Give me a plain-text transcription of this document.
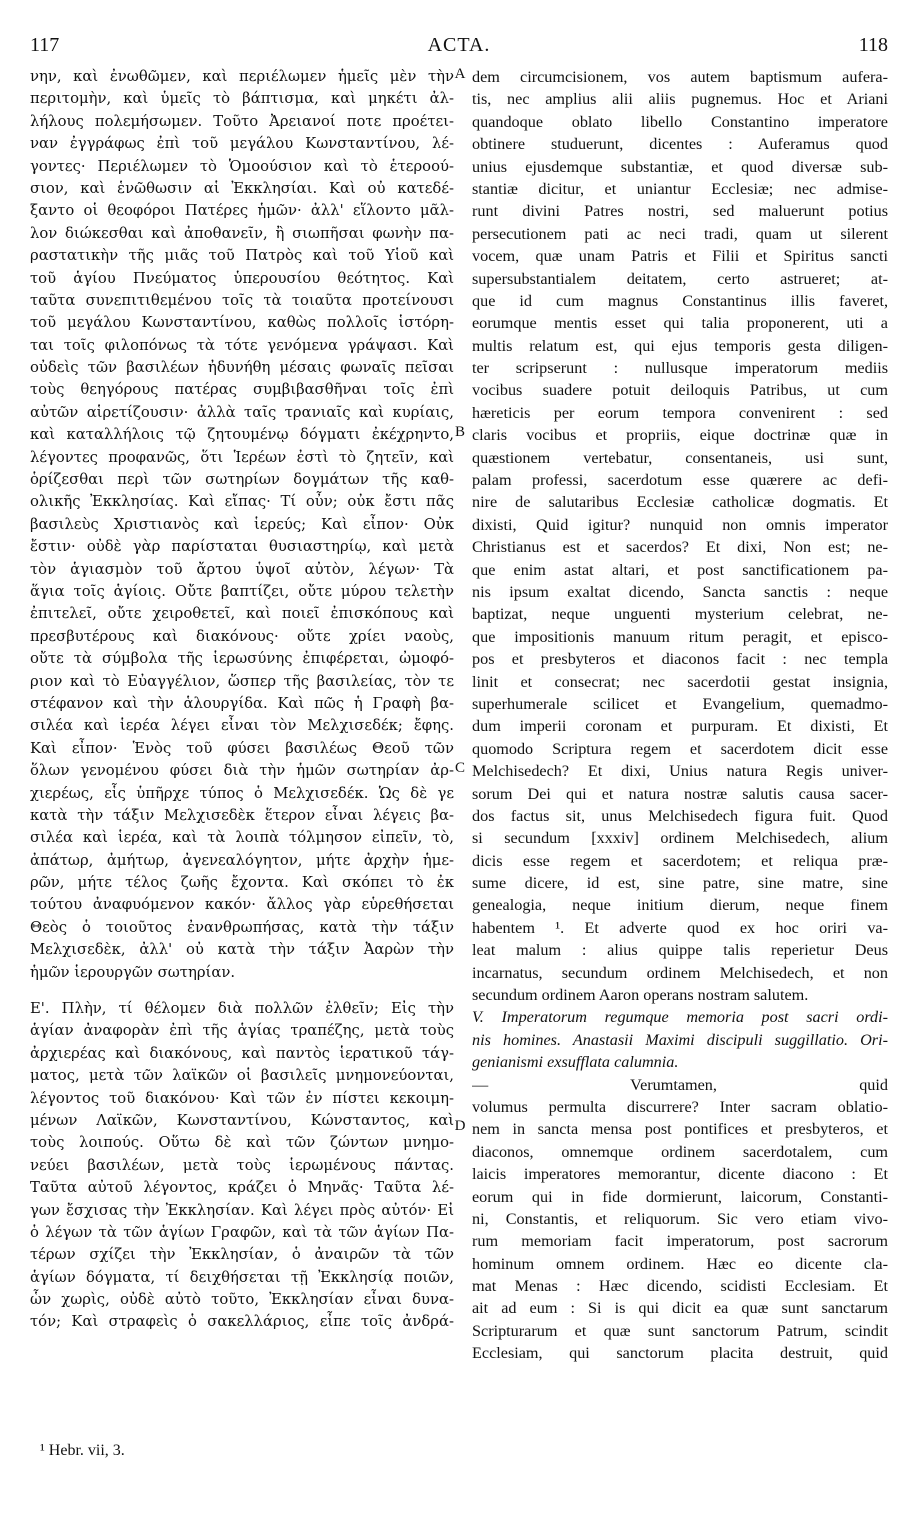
117	ACTA.	118
νην, καὶ ἐνωθῶμεν, καὶ περιέλωμεν ἡμεῖς μὲν τὴν
περιτομὴν, καὶ ὑμεῖς τὸ βάπτισμα, καὶ μηκέτι ἀλ-
λήλους πολεμήσωμεν. Τοῦτο Ἀρειανοί ποτε προέτει-
ναν ἐγγράφως ἐπὶ τοῦ μεγάλου Κωνσταντίνου, λέ-
γοντες· Περιέλωμεν τὸ Ὁμοούσιον καὶ τὸ ἑτεροού-
σιον, καὶ ἑνῶθωσιν αἱ Ἐκκλησίαι. Καὶ οὐ κατεδέ-
ξαντο οἱ θεοφόροι Πατέρες ἡμῶν· ἀλλ' εἵλοντο μᾶλ-
λον διώκεσθαι καὶ ἀποθανεῖν, ἢ σιωπῆσαι φωνὴν πα-
ραστατικὴν τῆς μιᾶς τοῦ Πατρὸς καὶ τοῦ Υἱοῦ καὶ
τοῦ ἁγίου Πνεύματος ὑπερουσίου θεότητος. Καὶ
ταῦτα συνεπιτιθεμένου τοῖς τὰ τοιαῦτα προτείνουσι
τοῦ μεγάλου Κωνσταντίνου, καθὼς πολλοῖς ἱστόρη-
ται τοῖς φιλοπόνως τὰ τότε γενόμενα γράψασι. Καὶ
οὐδεὶς τῶν βασιλέων ἠδυνήθη μέσαις φωναῖς πεῖσαι
τοὺς θεηγόρους πατέρας συμβιβασθῆναι τοῖς ἐπὶ
αὐτῶν αἱρετίζουσιν· ἀλλὰ ταῖς τρανιαῖς καὶ κυρίαις,
καὶ καταλλήλοις τῷ ζητουμένῳ δόγματι ἐκέχρηντο,
λέγοντες προφανῶς, ὅτι Ἱερέων ἐστὶ τὸ ζητεῖν, καὶ
ὁρίζεσθαι περὶ τῶν σωτηρίων δογμάτων τῆς καθ-
ολικῆς Ἐκκλησίας. Καὶ εἴπας· Τί οὖν; οὐκ ἔστι πᾶς
βασιλεὺς Χριστιανὸς καὶ ἱερεύς; Καὶ εἶπον· Οὐκ
ἔστιν· οὐδὲ γὰρ παρίσταται θυσιαστηρίῳ, καὶ μετὰ
τὸν ἁγιασμὸν τοῦ ἄρτου ὑψοῖ αὐτὸν, λέγων· Τὰ
ἅγια τοῖς ἁγίοις. Οὔτε βαπτίζει, οὔτε μύρου τελετὴν
ἐπιτελεῖ, οὔτε χειροθετεῖ, καὶ ποιεῖ ἐπισκόπους καὶ
πρεσβυτέρους καὶ διακόνους· οὔτε χρίει ναοὺς,
οὔτε τὰ σύμβολα τῆς ἱερωσύνης ἐπιφέρεται, ὠμοφό-
ριον καὶ τὸ Εὐαγγέλιον, ὥσπερ τῆς βασιλείας, τὸν τε
στέφανον καὶ τὴν ἁλουργίδα. Καὶ πῶς ἡ Γραφὴ βα-
σιλέα καὶ ἱερέα λέγει εἶναι τὸν Μελχισεδέκ; ἔφης.
Καὶ εἶπον· Ἑνὸς τοῦ φύσει βασιλέως Θεοῦ τῶν
ὅλων γενομένου φύσει διὰ τὴν ἡμῶν σωτηρίαν ἀρ-
χιερέως, εἷς ὑπῆρχε τύπος ὁ Μελχισεδέκ. Ὡς δὲ γε
κατὰ τὴν τάξιν Μελχισεδὲκ ἕτερον εἶναι λέγεις βα-
σιλέα καὶ ἱερέα, καὶ τὰ λοιπὰ τόλμησον εἰπεῖν, τὸ,
ἀπάτωρ, ἀμήτωρ, ἀγενεαλόγητον, μήτε ἀρχὴν ἡμε-
ρῶν, μήτε τέλος ζωῆς ἔχοντα. Καὶ σκόπει τὸ ἐκ
τούτου ἀναφυόμενον κακόν· ἄλλος γὰρ εὑρεθήσεται
Θεὸς ὁ τοιοῦτος ἐνανθρωπήσας, κατὰ τὴν τάξιν
Μελχισεδὲκ, ἀλλ' οὐ κατὰ τὴν τάξιν Ἀαρὼν τὴν
ἡμῶν ἱερουργῶν σωτηρίαν.
Ε'. Πλὴν, τί θέλομεν διὰ πολλῶν ἐλθεῖν; Εἰς τὴν
ἁγίαν ἀναφορὰν ἐπὶ τῆς ἁγίας τραπέζης, μετὰ τοὺς
ἀρχιερέας καὶ διακόνους, καὶ παντὸς ἱερατικοῦ τάγ-
ματος, μετὰ τῶν λαϊκῶν οἱ βασιλεῖς μνημονεύονται,
λέγοντος τοῦ διακόνου· Καὶ τῶν ἐν πίστει κεκοιμη-
μένων Λαϊκῶν, Κωνσταντίνου, Κώνσταντος, καὶ
τοὺς λοιπούς. Οὕτω δὲ καὶ τῶν ζώντων μνημο-
νεύει βασιλέων, μετὰ τοὺς ἱερωμένους πάντας.
Ταῦτα αὐτοῦ λέγοντος, κράζει ὁ Μηνᾶς· Ταῦτα λέ-
γων ἔσχισας τὴν Ἐκκλησίαν. Καὶ λέγει πρὸς αὐτόν· Εἰ
ὁ λέγων τὰ τῶν ἁγίων Γραφῶν, καὶ τὰ τῶν ἁγίων Πα-
τέρων σχίζει τὴν Ἐκκλησίαν, ὁ ἀναιρῶν τὰ τῶν
ἁγίων δόγματα, τί δειχθήσεται τῇ Ἐκκλησίᾳ ποιῶν,
ὧν χωρὶς, οὐδὲ αὐτὸ τοῦτο, Ἐκκλησίαν εἶναι δυνα-
τόν; Καὶ στραφεὶς ὁ σακελλάριος, εἶπε τοῖς ἀνδρά-
dem circumcisionem, vos autem baptismum aufera-
tis, nec amplius alii aliis pugnemus. Hoc et Ariani
quandoque oblato libello Constantino imperatore
obtinere studuerunt, dicentes : Auferamus quod
unius ejusdemque substantiæ, et quod diversæ sub-
stantiæ dicitur, et uniantur Ecclesiæ; nec admise-
runt divini Patres nostri, sed maluerunt potius
persecutionem pati ac neci tradi, quam ut silerent
vocem, quæ unam Patris et Filii et Spiritus sancti
supersubstantialem deitatem, certo astrueret; at-
que id cum magnus Constantinus illis faveret,
eorumque mentis esset qui talia proponerent, uti a
multis relatum est, qui ejus temporis gesta diligen-
ter scripserunt : nullusque imperatorum mediis
vocibus suadere potuit deiloquis Patribus, ut cum
hæreticis per eorum tempora convenirent : sed
claris vocibus et propriis, eique doctrinæ quæ in
quæstionem vertebatur, consentaneis, usi sunt,
palam professi, sacerdotum esse quærere ac defi-
nire de salutaribus Ecclesiæ catholicæ dogmatis. Et
dixisti, Quid igitur? nunquid non omnis imperator
Christianus est et sacerdos? Et dixi, Non est; ne-
que enim astat altari, et post sanctificationem pa-
nis ipsum exaltat dicendo, Sancta sanctis : neque
baptizat, neque unguenti mysterium celebrat, ne-
que impositionis manuum ritum peragit, et episco-
pos et presbyteros et diaconos facit : nec templa
linit et consecrat; nec sacerdotii gestat insignia,
superhumerale scilicet et Evangelium, quemadmo-
dum imperii coronam et purpuram. Et dixisti, Et
quomodo Scriptura regem et sacerdotem dicit esse
Melchisedech? Et dixi, Unius natura Regis univer-
sorum Dei qui et natura nostræ salutis causa sacer-
dos factus sit, unus Melchisedech figura fuit. Quod
si secundum [xxxiv] ordinem Melchisedech, alium
dicis esse regem et sacerdotem; et reliqua præ-
sume dicere, id est, sine patre, sine matre, sine
genealogia, neque initium dierum, neque finem
habentem ¹. Et adverte quod ex hoc oriri va-
leat malum : alius quippe talis reperietur Deus
incarnatus, secundum ordinem Melchisedech, et non
secundum ordinem Aaron operans nostram salutem.
V. Imperatorum regumque memoria post sacri ordi-
nis homines. Anastasii Maximi discipuli suggillatio. Ori-
genianismi exsufflata calumnia.
— Verumtamen, quid
volumus permulta discurrere? Inter sacram oblatio-
nem in sancta mensa post pontifices et presbyteros, et
diaconos, omnemque ordinem sacerdotalem, cum
laicis imperatores memorantur, dicente diacono : Et
eorum qui in fide dormierunt, laicorum, Constanti-
ni, Constantis, et reliquorum. Sic vero etiam vivo-
rum memoriam facit imperatorum, post sacrorum
hominum omnem ordinem. Hæc eo dicente cla-
mat Menas : Hæc dicendo, scidisti Ecclesiam. Et
ait ad eum : Si is qui dicit ea quæ sunt sanctarum
Scripturarum et quæ sunt sanctorum Patrum, scindit
Ecclesiam, qui sanctorum placita destruit, quid
A
B
C
D
¹ Hebr. vii, 3.
